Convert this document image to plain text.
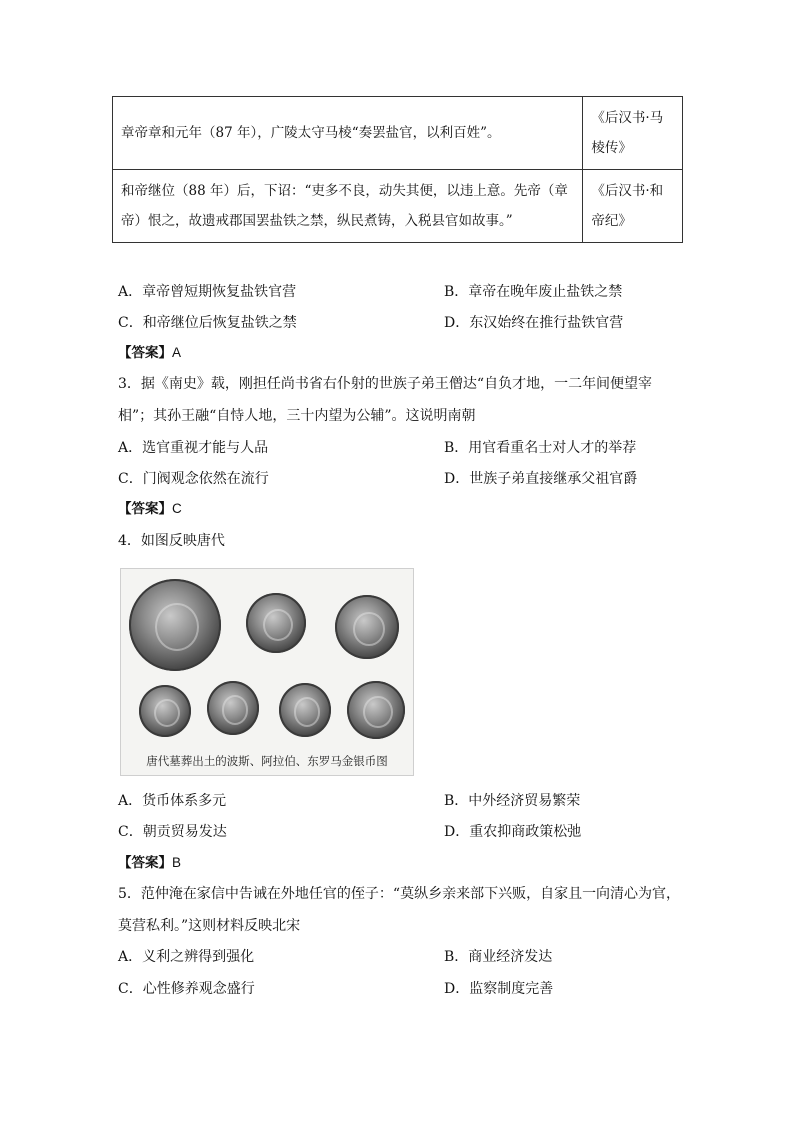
章帝章和元年（87 年），广陵太守马棱“奏罢盐官，以利百姓”。	《后汉书·马棱传》
和帝继位（88 年）后，下诏：“吏多不良，动失其便，以违上意。先帝（章帝）恨之，故遗戒郡国罢盐铁之禁，纵民煮铸，入税县官如故事。”	《后汉书·和帝纪》
A．章帝曾短期恢复盐铁官营	B．章帝在晚年废止盐铁之禁
C．和帝继位后恢复盐铁之禁	D．东汉始终在推行盐铁官营
【答案】A
3．据《南史》载，刚担任尚书省右仆射的世族子弟王僧达“自负才地，一二年间便望宰
相”；其孙王融“自恃人地，三十内望为公辅”。这说明南朝
A．选官重视才能与人品	B．用官看重名士对人才的举荐
C．门阀观念依然在流行	D．世族子弟直接继承父祖官爵
【答案】C
4．如图反映唐代
唐代墓葬出土的波斯、阿拉伯、东罗马金银币图
A．货币体系多元	B．中外经济贸易繁荣
C．朝贡贸易发达	D．重农抑商政策松弛
【答案】B
5．范仲淹在家信中告诫在外地任官的侄子：“莫纵乡亲来部下兴贩，自家且一向清心为官，
莫营私利。”这则材料反映北宋
A．义利之辨得到强化	B．商业经济发达
C．心性修养观念盛行	D．监察制度完善
